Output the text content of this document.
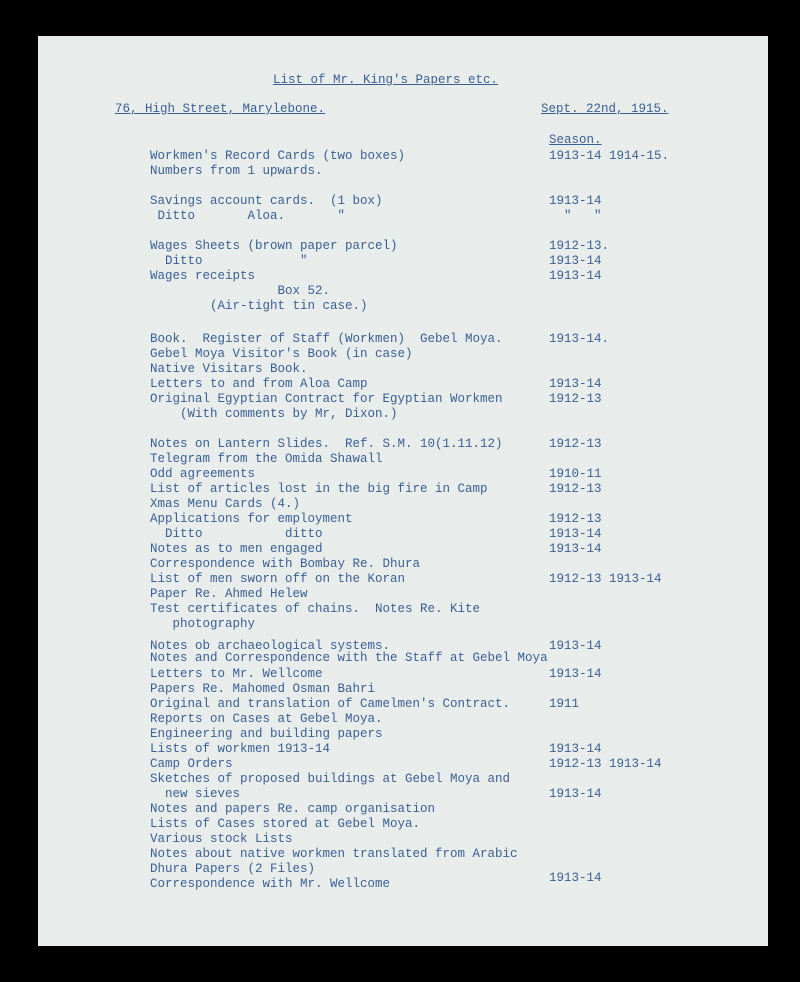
List of Mr. King's Papers etc.
76, High Street, Marylebone.	Sept. 22nd, 1915.
Season.
Workmen's Record Cards (two boxes)	1913-14 1914-15.
Numbers from 1 upwards.
Savings account cards.  (1 box)	1913-14
Ditto       Aloa.       "	"   "
Wages Sheets (brown paper parcel)	1912-13.
Ditto             "	1913-14
Wages receipts	1913-14
Box 52.
(Air-tight tin case.)
Book.  Register of Staff (Workmen)  Gebel Moya.	1913-14.
Gebel Moya Visitor's Book (in case)
Native Visitars Book.
Letters to and from Aloa Camp	1913-14
Original Egyptian Contract for Egyptian Workmen	1912-13
(With comments by Mr, Dixon.)
Notes on Lantern Slides.  Ref. S.M. 10(1.11.12)	1912-13
Telegram from the Omida Shawall
Odd agreements	1910-11
List of articles lost in the big fire in Camp	1912-13
Xmas Menu Cards (4.)
Applications for employment	1912-13
Ditto           ditto	1913-14
Notes as to men engaged	1913-14
Correspondence with Bombay Re. Dhura
List of men sworn off on the Koran	1912-13 1913-14
Paper Re. Ahmed Helew
Test certificates of chains.  Notes Re. Kite
photography
Notes ob archaeological systems.	1913-14
Notes and Correspondence with the Staff at Gebel Moya
Letters to Mr. Wellcome	1913-14
Papers Re. Mahomed Osman Bahri
Original and translation of Camelmen's Contract.	1911
Reports on Cases at Gebel Moya.
Engineering and building papers
Lists of workmen 1913-14	1913-14
Camp Orders	1912-13 1913-14
Sketches of proposed buildings at Gebel Moya and
new sieves	1913-14
Notes and papers Re. camp organisation
Lists of Cases stored at Gebel Moya.
Various stock Lists
Notes about native workmen translated from Arabic
Dhura Papers (2 Files)
Correspondence with Mr. Wellcome	1913-14
